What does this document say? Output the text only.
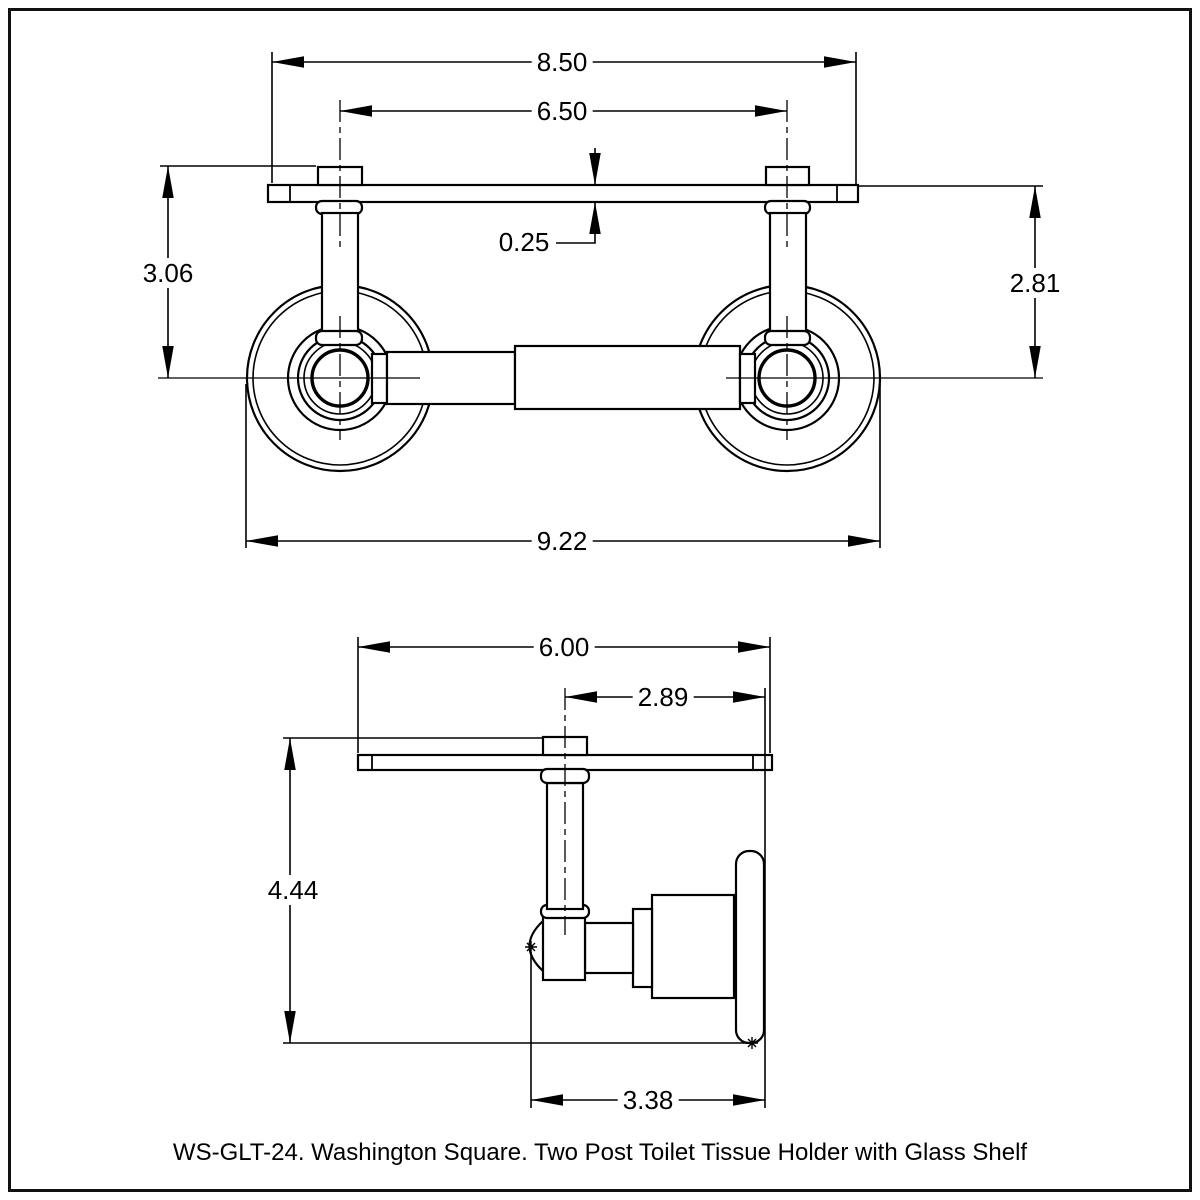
8.50
6.50
0.25
3.06	2.81
9.22
6.00
2.89
4.44
3.38
WS-GLT-24. Washington Square. Two Post Toilet Tissue Holder with Glass Shelf
